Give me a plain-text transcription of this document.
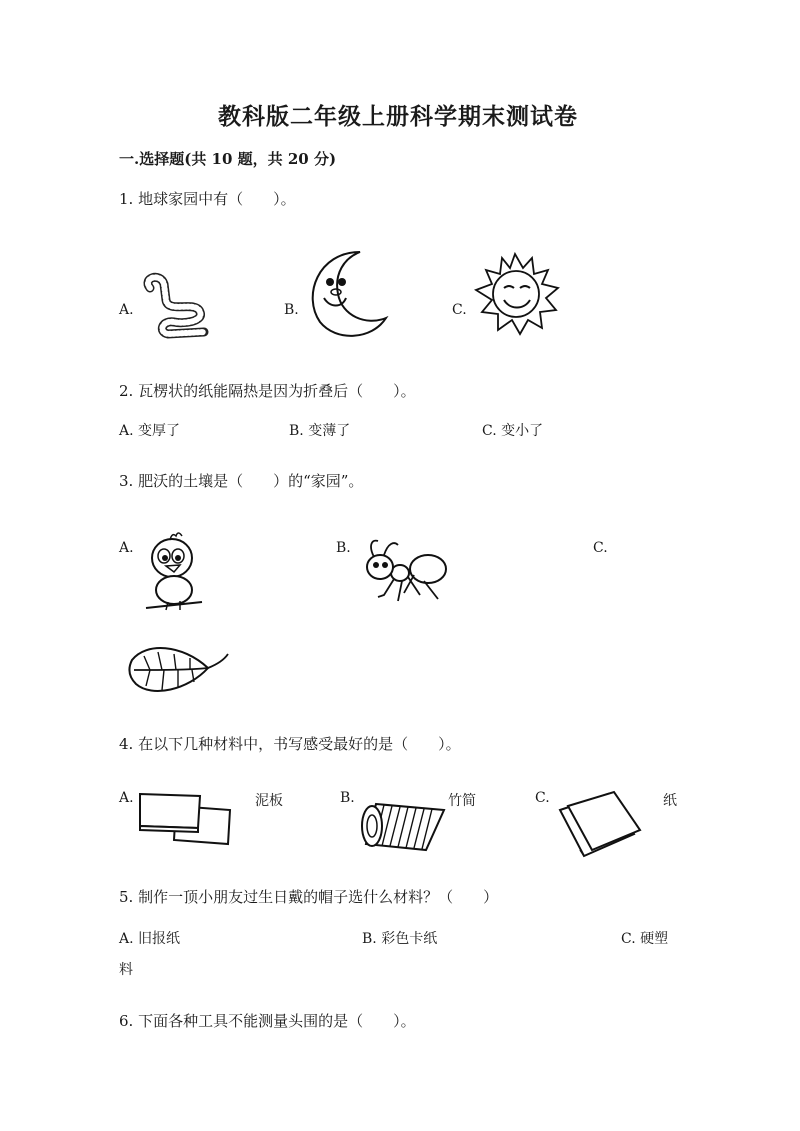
教科版二年级上册科学期末测试卷
一.选择题(共 10 题，共 20 分)
1. 地球家园中有（　　）。
A.	B.	C.
2. 瓦楞状的纸能隔热是因为折叠后（　　）。
A. 变厚了	B. 变薄了	C. 变小了
3. 肥沃的土壤是（　　）的“家园”。
A.	B.	C.
4. 在以下几种材料中，书写感受最好的是（　　）。
A.	泥板	B.	竹简	C.	纸
5. 制作一顶小朋友过生日戴的帽子选什么材料？（　　）
A. 旧报纸	B. 彩色卡纸	C. 硬塑
料
6. 下面各种工具不能测量头围的是（　　）。
